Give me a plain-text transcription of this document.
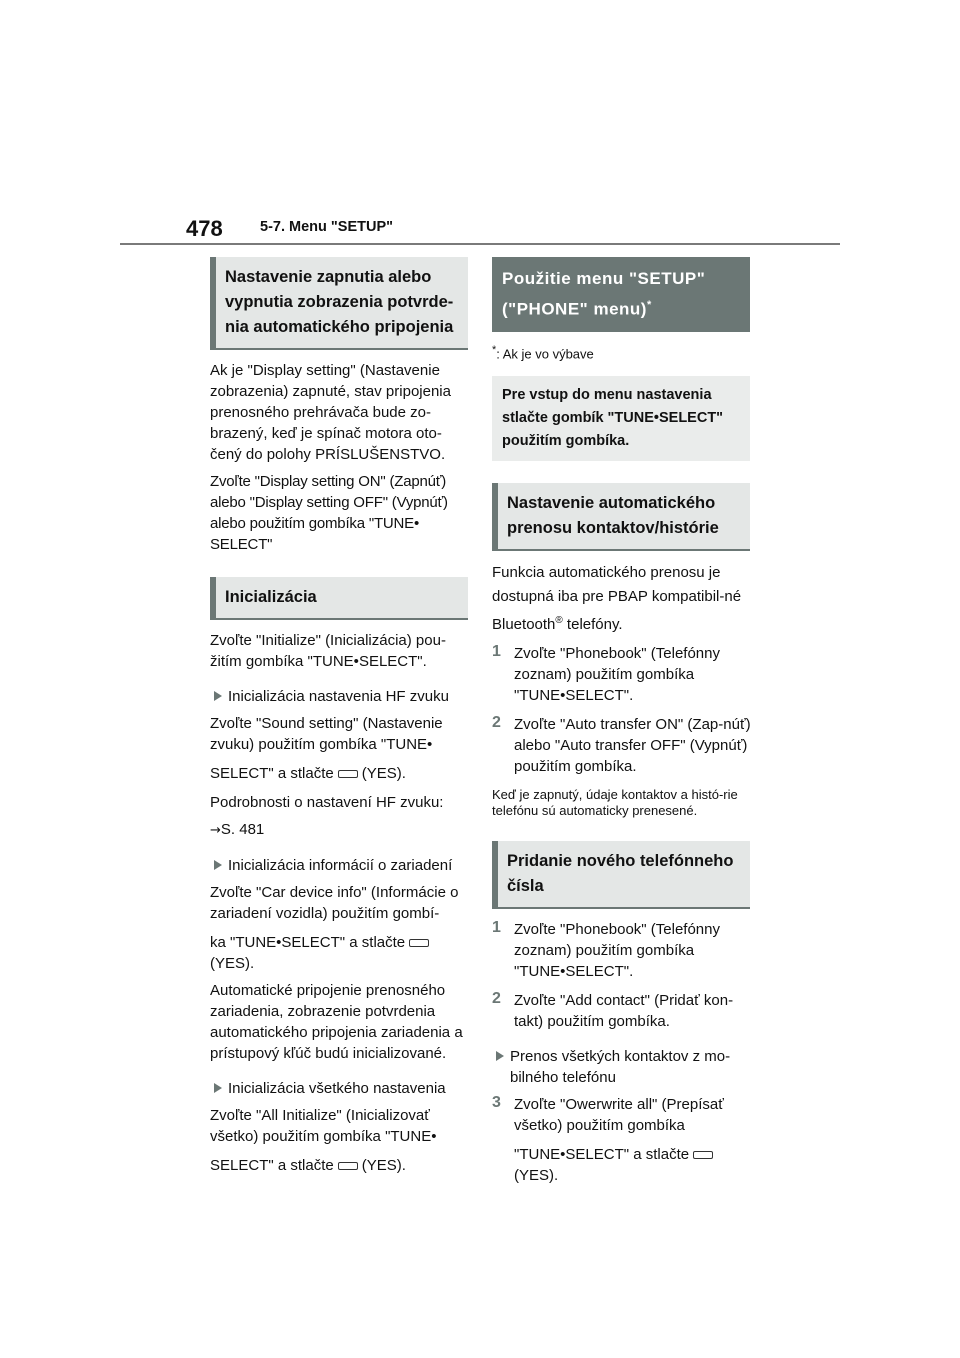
478	5-7. Menu "SETUP"
Nastavenie zapnutia alebo vypnutia zobrazenia potvrde-nia automatického pripojenia

Ak je "Display setting" (Nastavenie zobrazenia) zapnuté, stav pripojenia prenosného prehrávača bude zo-brazený, keď je spínač motora oto-čený do polohy PRÍSLUŠENSTVO.

Zvoľte "Display setting ON" (Zapnúť) alebo "Display setting OFF" (Vypnúť) alebo použitím gombíka "TUNE• SELECT"

Inicializácia

Zvoľte "Initialize" (Inicializácia) pou-žitím gombíka "TUNE•SELECT".

Inicializácia nastavenia HF zvuku

Zvoľte "Sound setting" (Nastavenie zvuku) použitím gombíka "TUNE•

SELECT" a stlačte (YES).

Podrobnosti o nastavení HF zvuku:

→S. 481

Inicializácia informácií o zariadení

Zvoľte "Car device info" (Informácie o zariadení vozidla) použitím gombí-

ka "TUNE•SELECT" a stlačte
(YES).

Automatické pripojenie prenosného zariadenia, zobrazenie potvrdenia automatického pripojenia zariadenia a prístupový kľúč budú inicializované.

Inicializácia všetkého nastavenia

Zvoľte "All Initialize" (Inicializovať všetko) použitím gombíka "TUNE•

SELECT" a stlačte (YES).

Použitie menu "SETUP" ("PHONE" menu)*

*: Ak je vo výbave

Pre vstup do menu nastavenia stlačte gombík "TUNE•SELECT" použitím gombíka.
Nastavenie automatického prenosu kontaktov/histórie

Funkcia automatického prenosu je dostupná iba pre PBAP kompatibil-né Bluetooth® telefóny.

1 Zvoľte "Phonebook" (Telefónny zoznam) použitím gombíka "TUNE•SELECT".

2 Zvoľte "Auto transfer ON" (Zap-núť) alebo "Auto transfer OFF" (Vypnúť) použitím gombíka.

Keď je zapnutý, údaje kontaktov a histó-rie telefónu sú automaticky prenesené.

Pridanie nového telefónneho čísla
1 Zvoľte "Phonebook" (Telefónny zoznam) použitím gombíka "TUNE•SELECT".

2 Zvoľte "Add contact" (Pridať kon-takt) použitím gombíka.

Prenos všetkých kontaktov z mo-bilného telefónu

3 Zvoľte "Owerwrite all" (Prepísať všetko) použitím gombíka

"TUNE•SELECT" a stlačte
(YES).
